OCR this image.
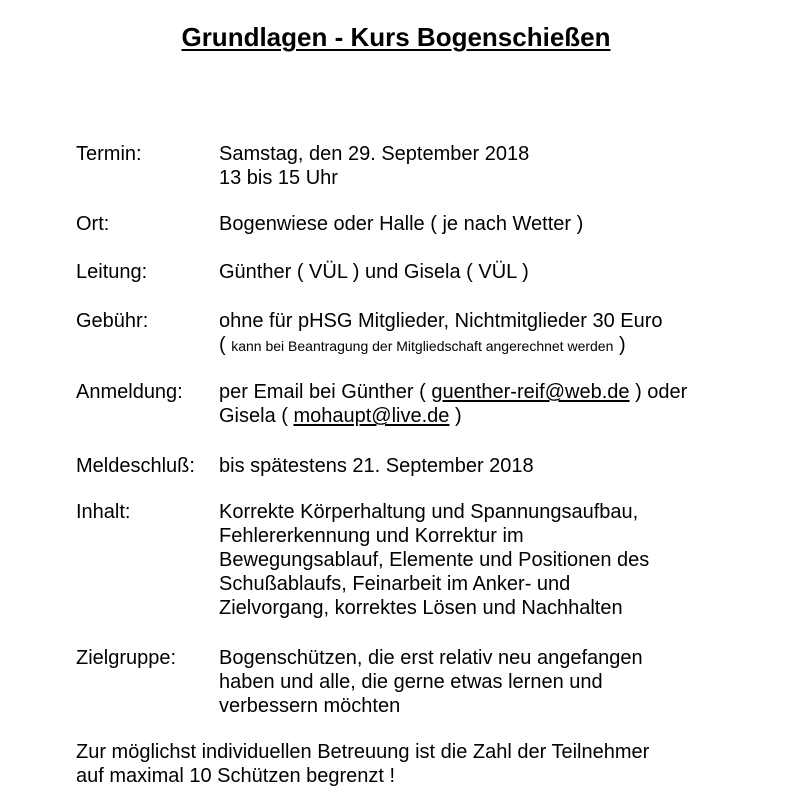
Grundlagen - Kurs Bogenschießen
Termin:	Samstag, den 29. September 2018
13 bis 15 Uhr
Ort:	Bogenwiese oder Halle ( je nach Wetter )
Leitung:	Günther ( VÜL ) und Gisela ( VÜL )
Gebühr:	ohne für pHSG Mitglieder, Nichtmitglieder 30 Euro
( kann bei Beantragung der Mitgliedschaft angerechnet werden )
Anmeldung: per Email bei Günther ( guenther-reif@web.de ) oder
Gisela ( mohaupt@live.de )
Meldeschluß: bis spätestens 21. September 2018
Inhalt:	Korrekte Körperhaltung und Spannungsaufbau,
Fehlererkennung und Korrektur im
Bewegungsablauf, Elemente und Positionen des
Schußablaufs, Feinarbeit im Anker- und
Zielvorgang, korrektes Lösen und Nachhalten
Zielgruppe: Bogenschützen, die erst relativ neu angefangen
haben und alle, die gerne etwas lernen und
verbessern möchten
Zur möglichst individuellen Betreuung ist die Zahl der Teilnehmer
auf maximal 10 Schützen begrenzt !
